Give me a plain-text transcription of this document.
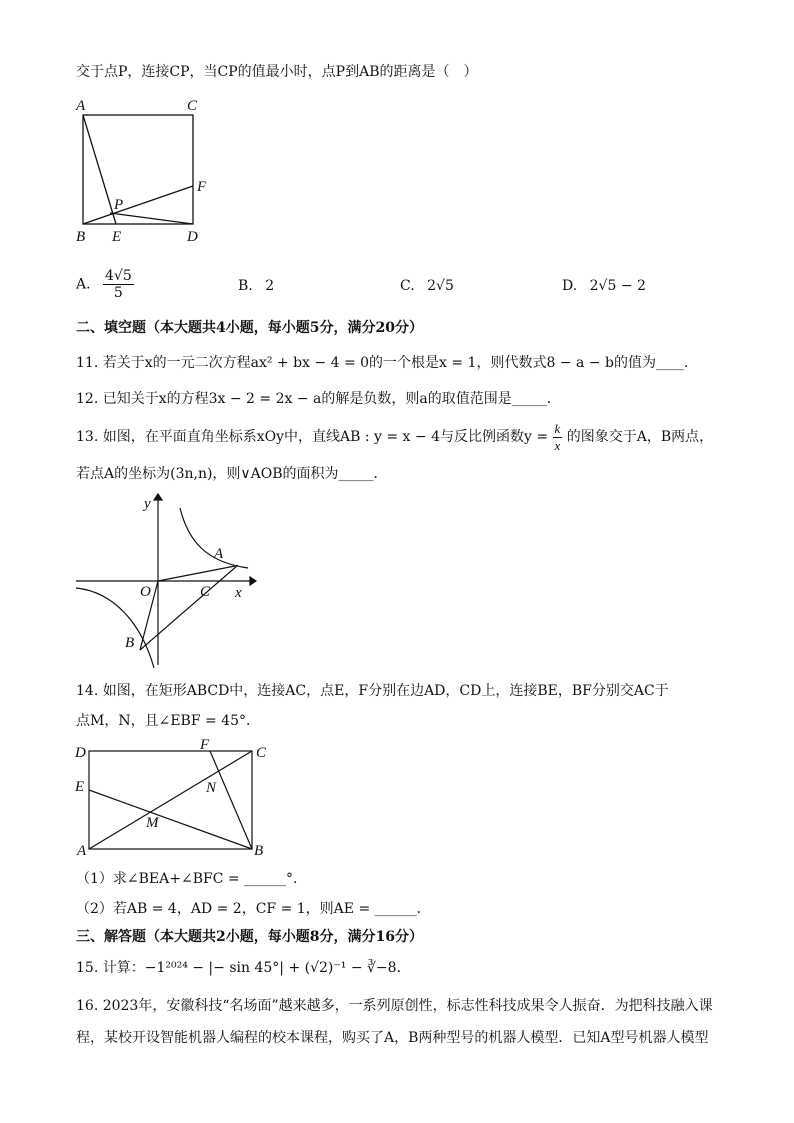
交于点P，连接CP，当CP的值最小时，点P到AB的距离是（　）
A	C
F
P
B E	D
A. $\frac{4√5}{5}$	B. 2	C. 2√5	D. 2√5 − 2
二、填空题（本大题共4小题，每小题5分，满分20分）
11. 若关于x的一元二次方程ax² + bx − 4 = 0的一个根是x = 1，则代数式8 − a − b的值为____．
12. 已知关于x的方程3x − 2 = 2x − a的解是负数，则a的取值范围是_____．
13. 如图，在平面直角坐标系xOy中，直线AB : y = x − 4与反比例函数$y = \frac{k}{x}$ 的图象交于A，B两点，
若点A的坐标为(3n,n)，则∨AOB的面积为_____．
y
A
O	C x
B
14. 如图，在矩形ABCD中，连接AC，点E，F分别在边AD，CD上，连接BE，BF分别交AC于
点M，N，且∠EBF = 45°．
D	F	C
E	N
M
A	B
（1）求∠BEA+∠BFC = ______°．
（2）若AB = 4，AD = 2，CF = 1，则AE = ______．
三、解答题（本大题共2小题，每小题8分，满分16分）
15. 计算：−1²⁰²⁴ − |− sin 45°| + (√2)⁻¹ − ∛−8．
16. 2023年，安徽科技“名场面”越来越多，一系列原创性，标志性科技成果令人振奋．为把科技融入课
程，某校开设智能机器人编程的校本课程，购买了A，B两种型号的机器人模型．已知A型号机器人模型
